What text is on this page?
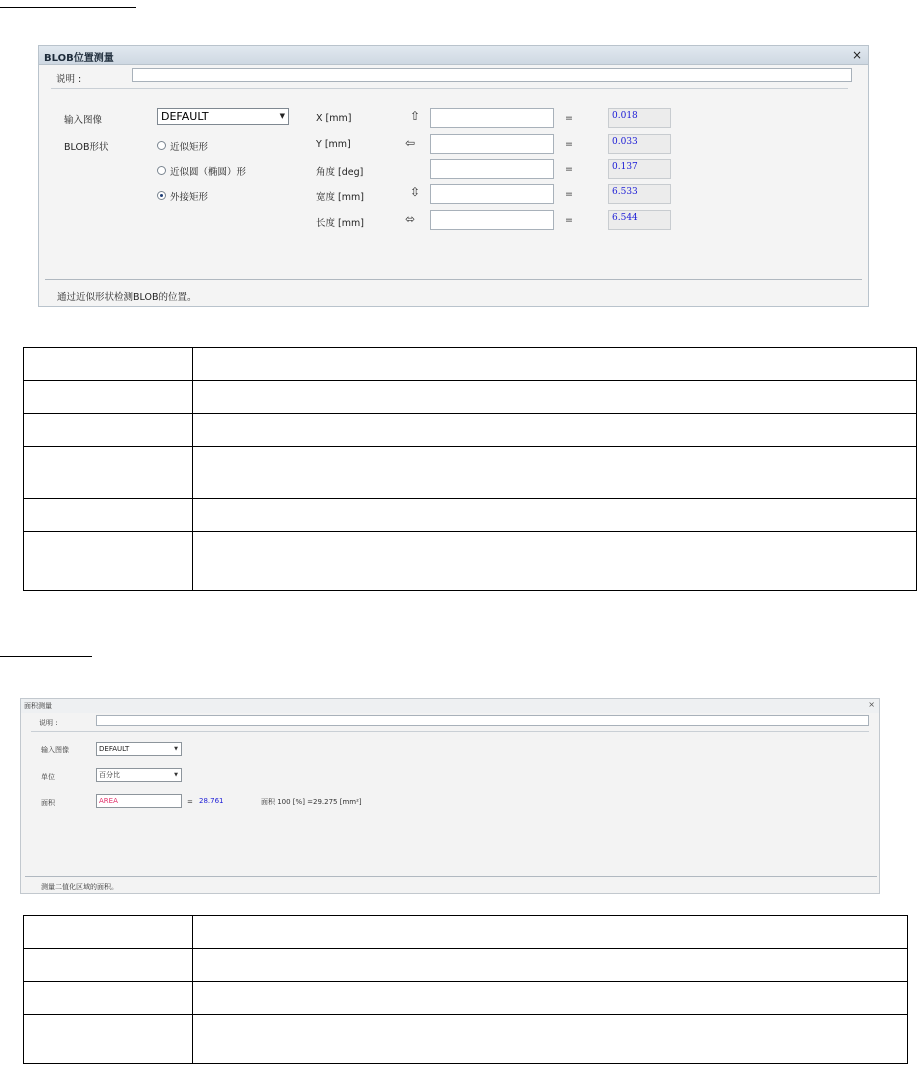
BLOB位置测量	×
说明 :
输入图像	DEFAULT	▼
BLOB形状	近似矩形
近似圆（椭圆）形
外接矩形
X [mm]	⇧	=	0.018
Y [mm]	⇦	=	0.033
角度 [deg]	=	0.137
宽度 [mm]	⇳	=	6.533
长度 [mm]	⬄	=	6.544
通过近似形状检测BLOB的位置。

面积测量	×
说明 :
输入图像	DEFAULT	▼
单位	百分比	▼
面积	AREA	= 28.761	面积 100 [%] =29.275 [mm²]
测量二值化区域的面积。
